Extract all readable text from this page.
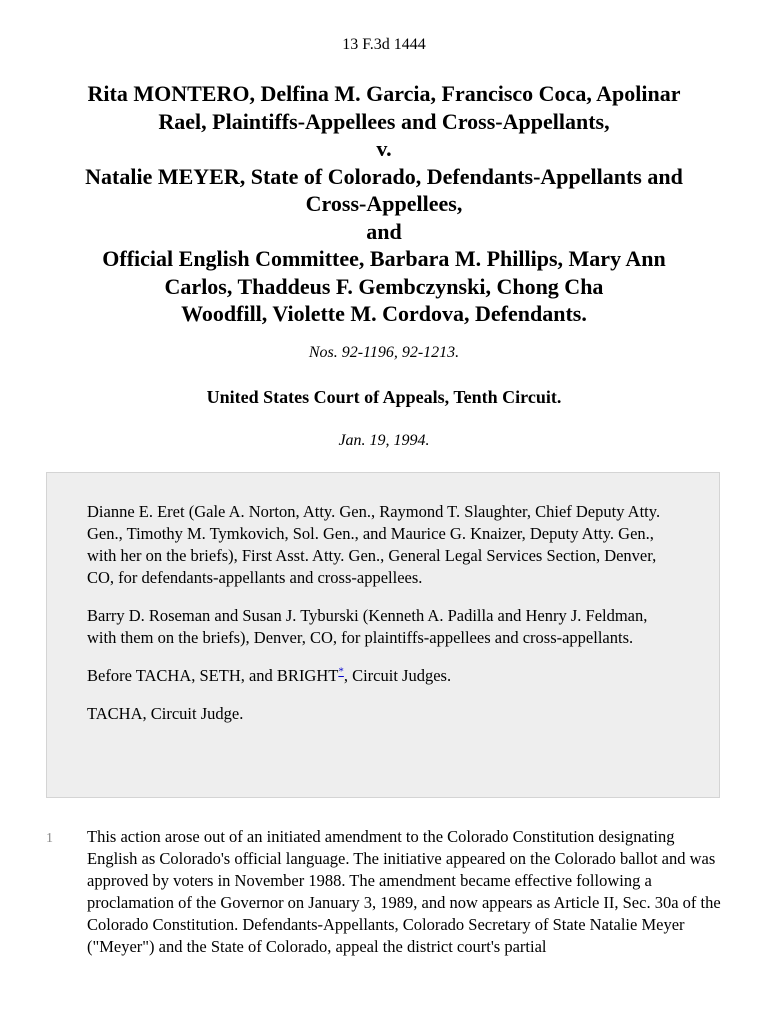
13 F.3d 1444
Rita MONTERO, Delfina M. Garcia, Francisco Coca, Apolinar
Rael, Plaintiffs-Appellees and Cross-Appellants,
v.
Natalie MEYER, State of Colorado, Defendants-Appellants and
Cross-Appellees,
and
Official English Committee, Barbara M. Phillips, Mary Ann
Carlos, Thaddeus F. Gembczynski, Chong Cha
Woodfill, Violette M. Cordova, Defendants.
Nos. 92-1196, 92-1213.
United States Court of Appeals, Tenth Circuit.
Jan. 19, 1994.

Dianne E. Eret (Gale A. Norton, Atty. Gen., Raymond T. Slaughter, Chief Deputy Atty. Gen., Timothy M. Tymkovich, Sol. Gen., and Maurice G. Knaizer, Deputy Atty. Gen., with her on the briefs), First Asst. Atty. Gen., General Legal Services Section, Denver, CO, for defendants-appellants and cross-appellees.

Barry D. Roseman and Susan J. Tyburski (Kenneth A. Padilla and Henry J. Feldman, with them on the briefs), Denver, CO, for plaintiffs-appellees and cross-appellants.

Before TACHA, SETH, and BRIGHT*, Circuit Judges.

TACHA, Circuit Judge.

1 This action arose out of an initiated amendment to the Colorado Constitution designating English as Colorado's official language. The initiative appeared on the Colorado ballot and was approved by voters in November 1988. The amendment became effective following a proclamation of the Governor on January 3, 1989, and now appears as Article II, Sec. 30a of the Colorado Constitution. Defendants-Appellants, Colorado Secretary of State Natalie Meyer ("Meyer") and the State of Colorado, appeal the district court's partial
